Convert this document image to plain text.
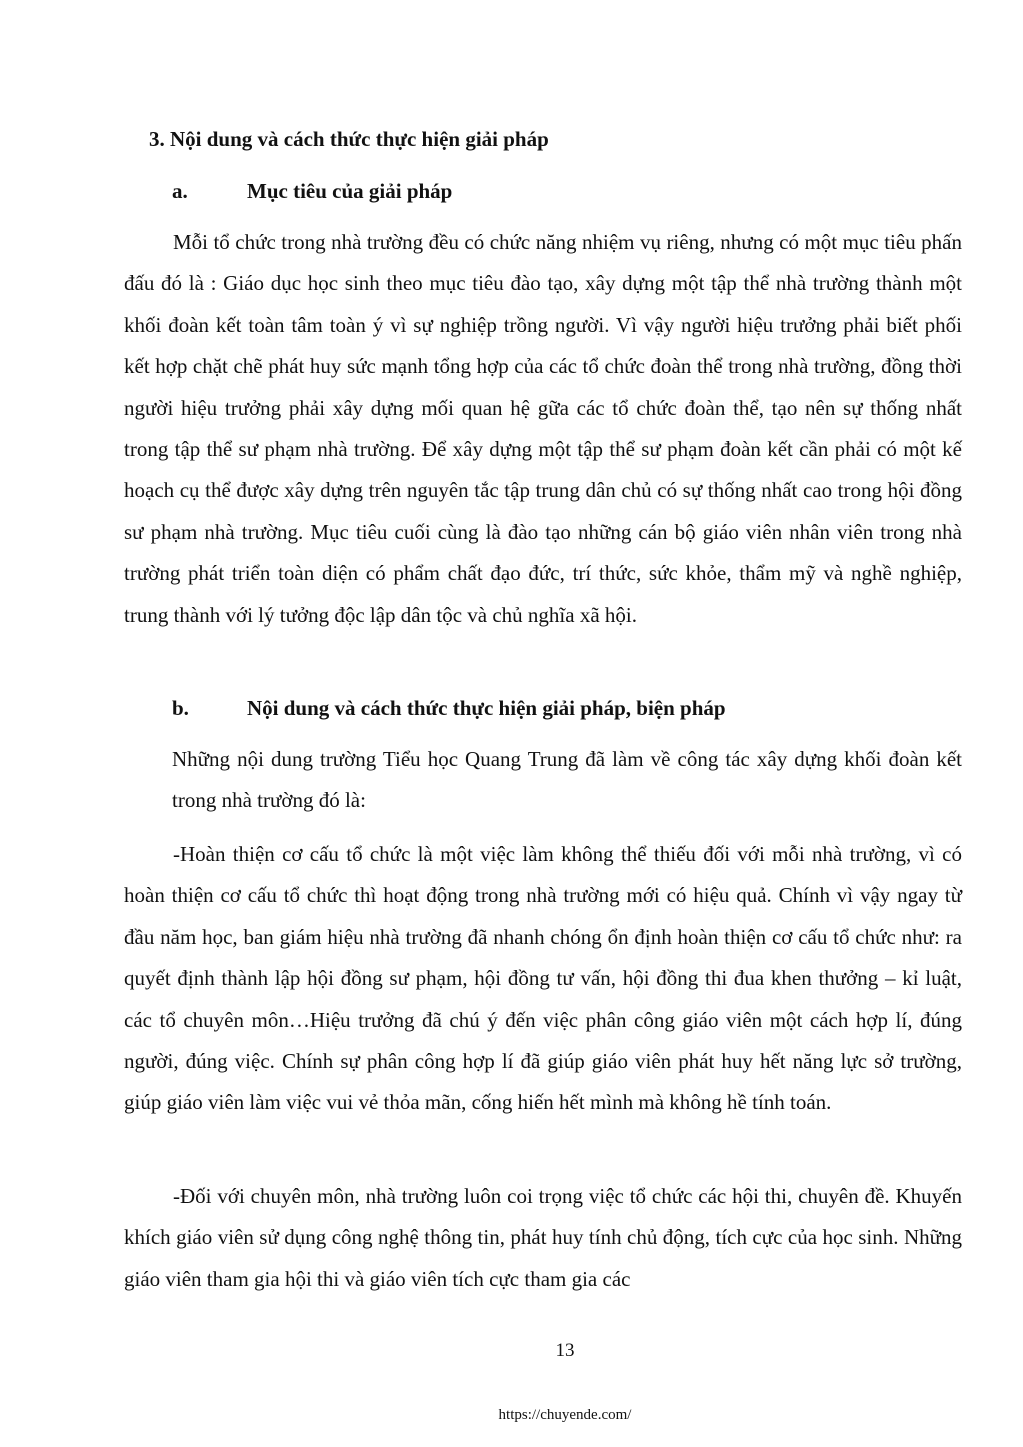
3. Nội dung và cách thức thực hiện giải pháp
a.	Mục tiêu của giải pháp

Mỗi tổ chức trong nhà trường đều có chức năng nhiệm vụ riêng, nhưng có một mục tiêu phấn đấu đó là : Giáo dục học sinh theo mục tiêu đào tạo, xây dựng một tập thể nhà trường thành một khối đoàn kết toàn tâm toàn ý vì sự nghiệp trồng người. Vì vậy người hiệu trưởng phải biết phối kết hợp chặt chẽ phát huy sức mạnh tổng hợp của các tổ chức đoàn thể trong nhà trường, đồng thời người hiệu trưởng phải xây dựng mối quan hệ gữa các tổ chức đoàn thể, tạo nên sự thống nhất trong tập thể sư phạm nhà trường. Để xây dựng một tập thể sư phạm đoàn kết cần phải có một kế hoạch cụ thể được xây dựng trên nguyên tắc tập trung dân chủ có sự thống nhất cao trong hội đồng sư phạm nhà trường. Mục tiêu cuối cùng là đào tạo những cán bộ giáo viên nhân viên trong nhà trường phát triển toàn diện có phẩm chất đạo đức, trí thức, sức khỏe, thẩm mỹ và nghề nghiệp, trung thành với lý tưởng độc lập dân tộc và chủ nghĩa xã hội.

b.	Nội dung và cách thức thực hiện giải pháp, biện pháp

Những nội dung trường Tiểu học Quang Trung đã làm về công tác xây dựng khối đoàn kết trong nhà trường đó là:

-Hoàn thiện cơ cấu tổ chức là một việc làm không thể thiếu đối với mỗi nhà trường, vì có hoàn thiện cơ cấu tổ chức thì hoạt động trong nhà trường mới có hiệu quả. Chính vì vậy ngay từ đầu năm học, ban giám hiệu nhà trường đã nhanh chóng ổn định hoàn thiện cơ cấu tổ chức như: ra quyết định thành lập hội đồng sư phạm, hội đồng tư vấn, hội đồng thi đua khen thưởng – kỉ luật, các tổ chuyên môn…Hiệu trưởng đã chú ý đến việc phân công giáo viên một cách hợp lí, đúng người, đúng việc. Chính sự phân công hợp lí đã giúp giáo viên phát huy hết năng lực sở trường, giúp giáo viên làm việc vui vẻ thỏa mãn, cống hiến hết mình mà không hề tính toán.

-Đối với chuyên môn, nhà trường luôn coi trọng việc tổ chức các hội thi, chuyên đề. Khuyến khích giáo viên sử dụng công nghệ thông tin, phát huy tính chủ động, tích cực của học sinh. Những giáo viên tham gia hội thi và giáo viên tích cực tham gia các

13

https://chuyende.com/
